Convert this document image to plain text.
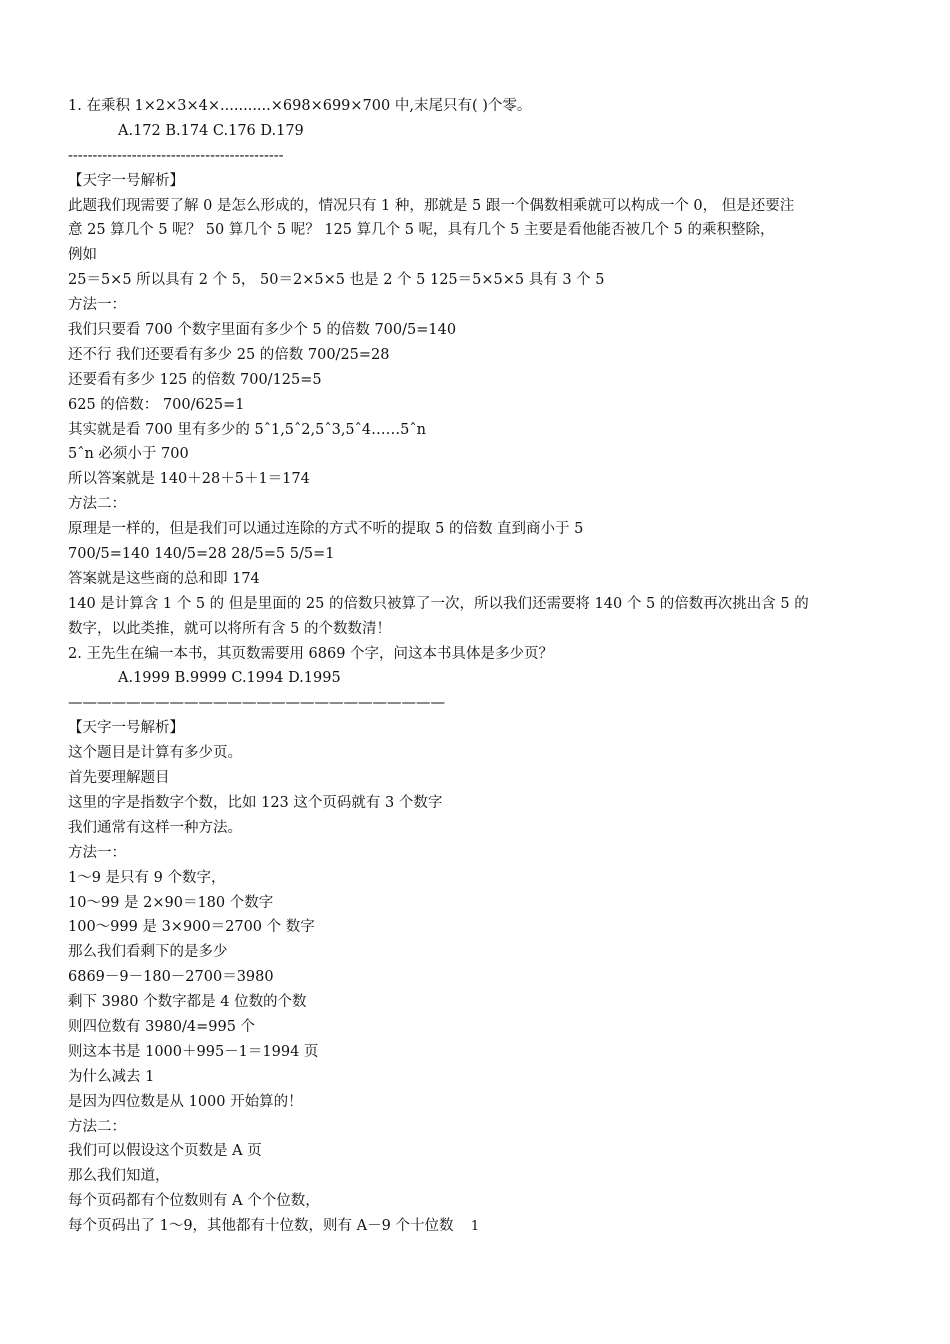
1. 在乘积 1×2×3×4×...........×698×699×700 中,末尾只有( )个零。
A.172 B.174 C.176 D.179
--------------------------------------------
【天字一号解析】
此题我们现需要了解 0 是怎么形成的，情况只有 1 种，那就是 5 跟一个偶数相乘就可以构成一个 0， 但是还要注
意 25 算几个 5 呢？ 50 算几个 5 呢？ 125 算几个 5 呢，具有几个 5 主要是看他能否被几个 5 的乘积整除，
例如
25＝5×5 所以具有 2 个 5， 50＝2×5×5 也是 2 个 5 125＝5×5×5 具有 3 个 5
方法一：
我们只要看 700 个数字里面有多少个 5 的倍数 700/5=140
还不行 我们还要看有多少 25 的倍数 700/25=28
还要看有多少 125 的倍数 700/125=5
625 的倍数： 700/625=1
其实就是看 700 里有多少的 5ˆ1,5ˆ2,5ˆ3,5ˆ4……5ˆn
5ˆn 必须小于 700
所以答案就是 140＋28＋5＋1＝174
方法二：
原理是一样的，但是我们可以通过连除的方式不听的提取 5 的倍数 直到商小于 5
700/5=140 140/5=28 28/5=5 5/5=1
答案就是这些商的总和即 174
140 是计算含 1 个 5 的 但是里面的 25 的倍数只被算了一次，所以我们还需要将 140 个 5 的倍数再次挑出含 5 的
数字，以此类推，就可以将所有含 5 的个数数清！
2. 王先生在编一本书，其页数需要用 6869 个字，问这本书具体是多少页？
A.1999 B.9999 C.1994 D.1995
——————————————————————————
【天字一号解析】
这个题目是计算有多少页。
首先要理解题目
这里的字是指数字个数，比如 123 这个页码就有 3 个数字
我们通常有这样一种方法。
方法一：
1～9 是只有 9 个数字，
10～99 是 2×90＝180 个数字
100～999 是 3×900＝2700 个 数字
那么我们看剩下的是多少
6869－9－180－2700＝3980
剩下 3980 个数字都是 4 位数的个数
则四位数有 3980/4=995 个
则这本书是 1000＋995－1＝1994 页
为什么减去 1
是因为四位数是从 1000 开始算的！
方法二：
我们可以假设这个页数是 A 页
那么我们知道，
每个页码都有个位数则有 A 个个位数，
每个页码出了 1～9，其他都有十位数，则有 A－9 个十位数	1
